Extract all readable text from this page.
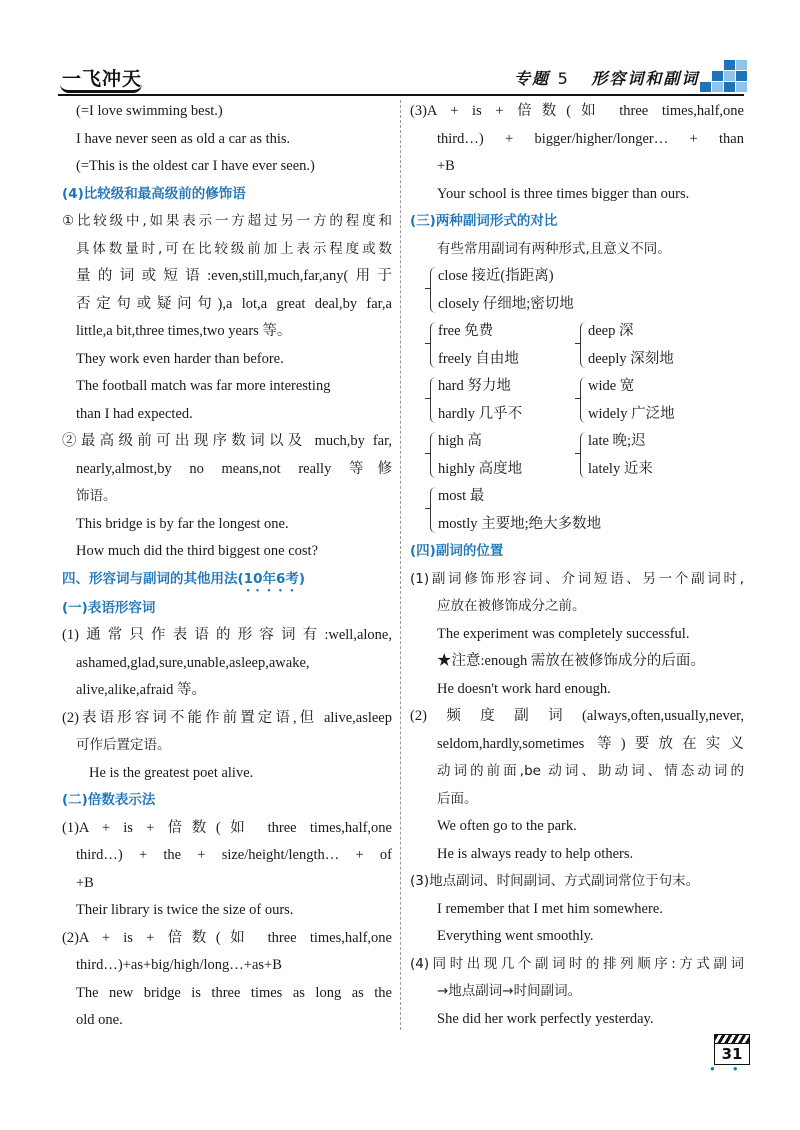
一飞冲天	专题 5 形容词和副词
(=I love swimming best.)
I have never seen as old a car as this.
(=This is the oldest car I have ever seen.)
(4)比较级和最高级前的修饰语
①比较级中,如果表示一方超过另一方的程度和
具体数量时,可在比较级前加上表示程度或数
量的词或短语:even,still,much,far,any(用于
否定句或疑问句),a lot,a great deal,by far,a
little,a bit,three times,two years 等。
They work even harder than before.
The football match was far more interesting
than I had expected.
②最高级前可出现序数词以及 much,by far,
nearly,almost,by no means,not really 等修
饰语。
This bridge is by far the longest one.
How much did the third biggest one cost?
四、形容词与副词的其他用法(10年6考)
(一)表语形容词
(1)通常只作表语的形容词有:well,alone,
ashamed,glad,sure,unable,asleep,awake,
alive,alike,afraid 等。
(2)表语形容词不能作前置定语,但 alive,asleep
可作后置定语。
He is the greatest poet alive.
(二)倍数表示法
(1)A + is + 倍数(如 three times,half,one
third…) + the + size/height/length… + of
+B
Their library is twice the size of ours.
(2)A + is + 倍数(如 three times,half,one
third…)+as+big/high/long…+as+B
The new bridge is three times as long as the
old one.
(3)A + is + 倍数(如 three times,half,one
third…) + bigger/higher/longer… + than
+B
Your school is three times bigger than ours.
(三)两种副词形式的对比
有些常用副词有两种形式,且意义不同。
close 接近(指距离)
closely 仔细地;密切地
free 免费
freely 自由地
deep 深
deeply 深刻地
hard 努力地
hardly 几乎不
wide 宽
widely 广泛地
high 高
highly 高度地
late 晚;迟
lately 近来
most 最
mostly 主要地;绝大多数地
(四)副词的位置
(1)副词修饰形容词、介词短语、另一个副词时,
应放在被修饰成分之前。
The experiment was completely successful.
★注意:enough 需放在被修饰成分的后面。
He doesn't work hard enough.
(2)频度副词(always,often,usually,never,
seldom,hardly,sometimes 等)要放在实义
动词的前面,be 动词、助动词、情态动词的
后面。
We often go to the park.
He is always ready to help others.
(3)地点副词、时间副词、方式副词常位于句末。
I remember that I met him somewhere.
Everything went smoothly.
(4)同时出现几个副词时的排列顺序:方式副词
→地点副词→时间副词。
She did her work perfectly yesterday.
31
●●
